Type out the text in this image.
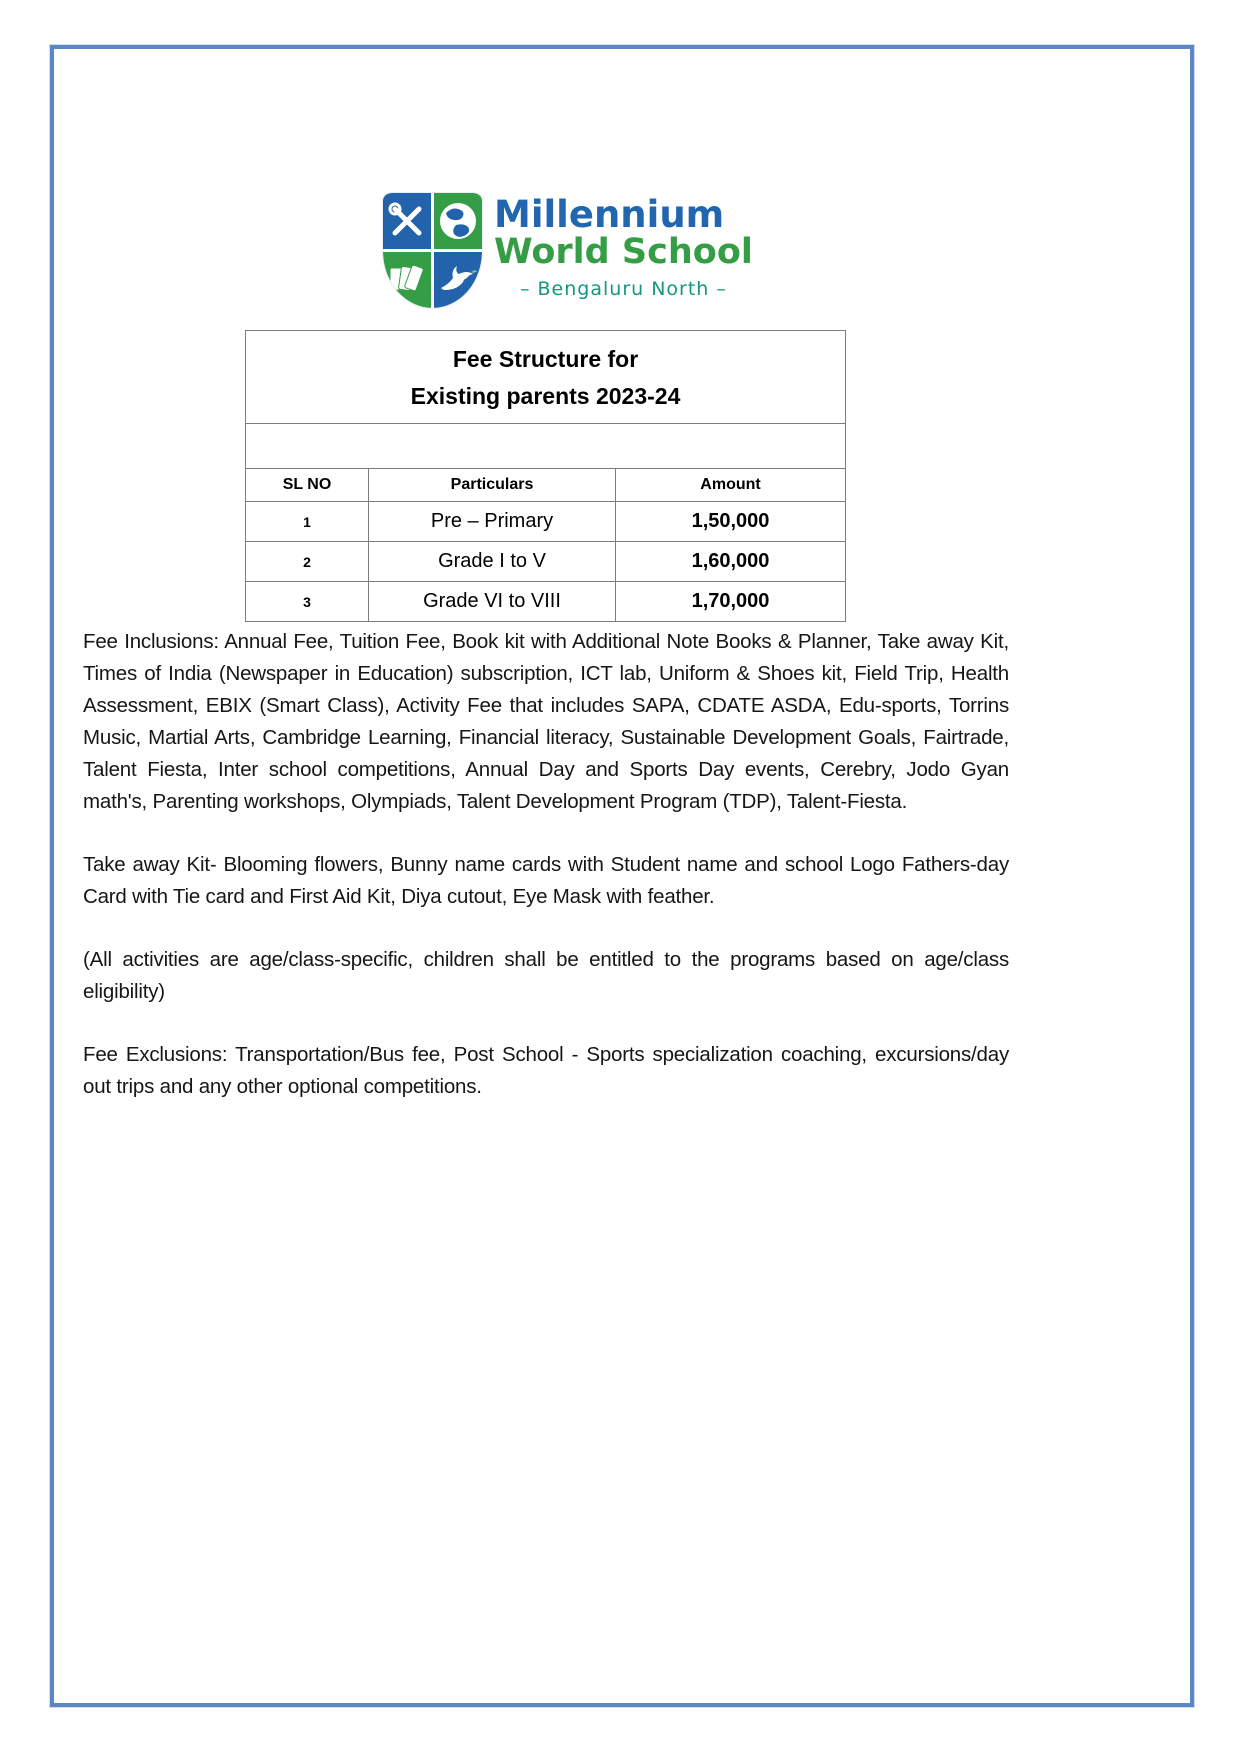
Millennium
World School
– Bengaluru North –
Fee Structure for
Existing parents 2023-24		

SL NO	Particulars	Amount
1	Pre – Primary	1,50,000
2	Grade I to V	1,60,000
3	Grade VI to VIII	1,70,000

Fee Inclusions: Annual Fee, Tuition Fee, Book kit with Additional Note Books & Planner, Take away Kit, Times of India (Newspaper in Education) subscription, ICT lab, Uniform & Shoes kit, Field Trip, Health Assessment, EBIX (Smart Class), Activity Fee that includes SAPA, CDATE ASDA, Edu-sports, Torrins Music, Martial Arts, Cambridge Learning, Financial literacy, Sustainable Development Goals, Fairtrade, Talent Fiesta, Inter school competitions, Annual Day and Sports Day events, Cerebry, Jodo Gyan math's, Parenting workshops, Olympiads, Talent Development Program (TDP), Talent-Fiesta.

Take away Kit- Blooming flowers, Bunny name cards with Student name and school Logo Fathers-day Card with Tie card and First Aid Kit, Diya cutout, Eye Mask with feather.

(All activities are age/class-specific, children shall be entitled to the programs based on age/class eligibility)

Fee Exclusions: Transportation/Bus fee, Post School - Sports specialization coaching, excursions/day out trips and any other optional competitions.
